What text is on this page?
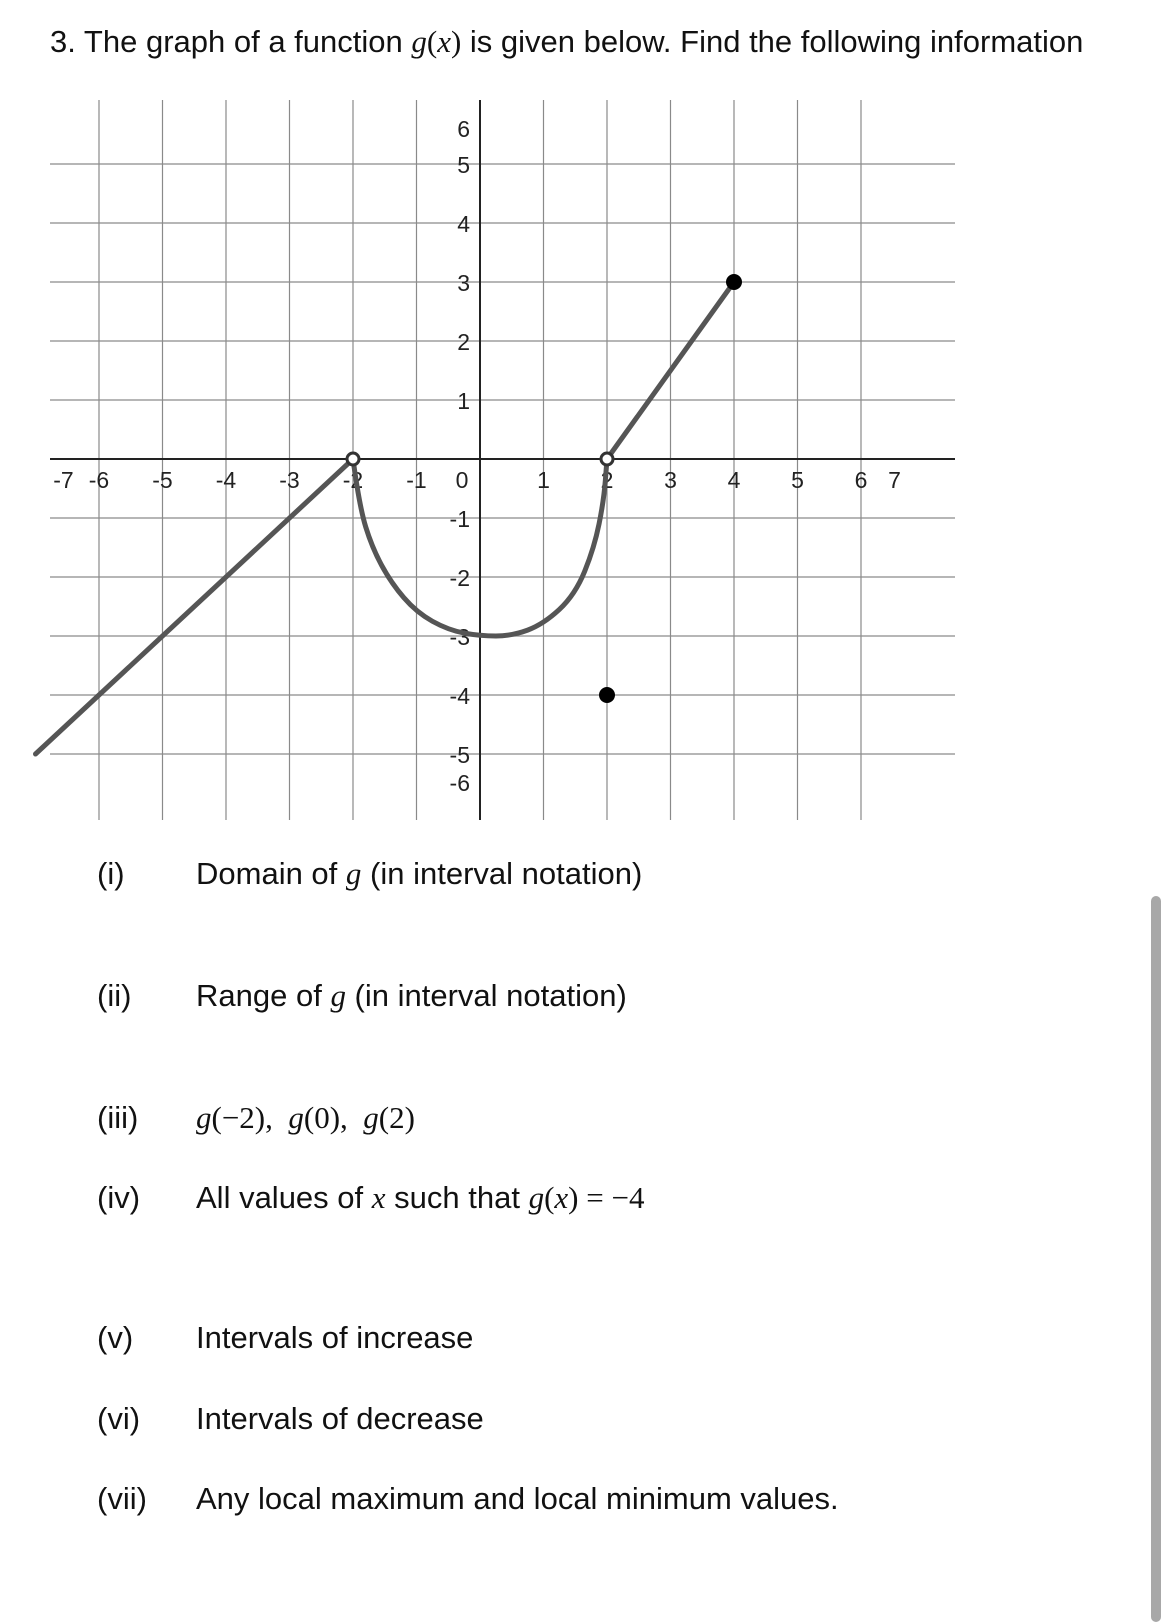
3. The graph of a function g(x) is given below. Find the following information
-7 -6 -5 -4 -3 -2 -1 0	1 2 3 4 5 6 7
6
5
4
3
2
1
-1
-2
-3
-4
-5
-6
(i) Domain of g (in interval notation)
(ii) Range of g (in interval notation)
(iii) g(−2),  g(0),  g(2)
(iv) All values of x such that g(x) = −4
(v) Intervals of increase
(vi) Intervals of decrease
(vii) Any local maximum and local minimum values.
